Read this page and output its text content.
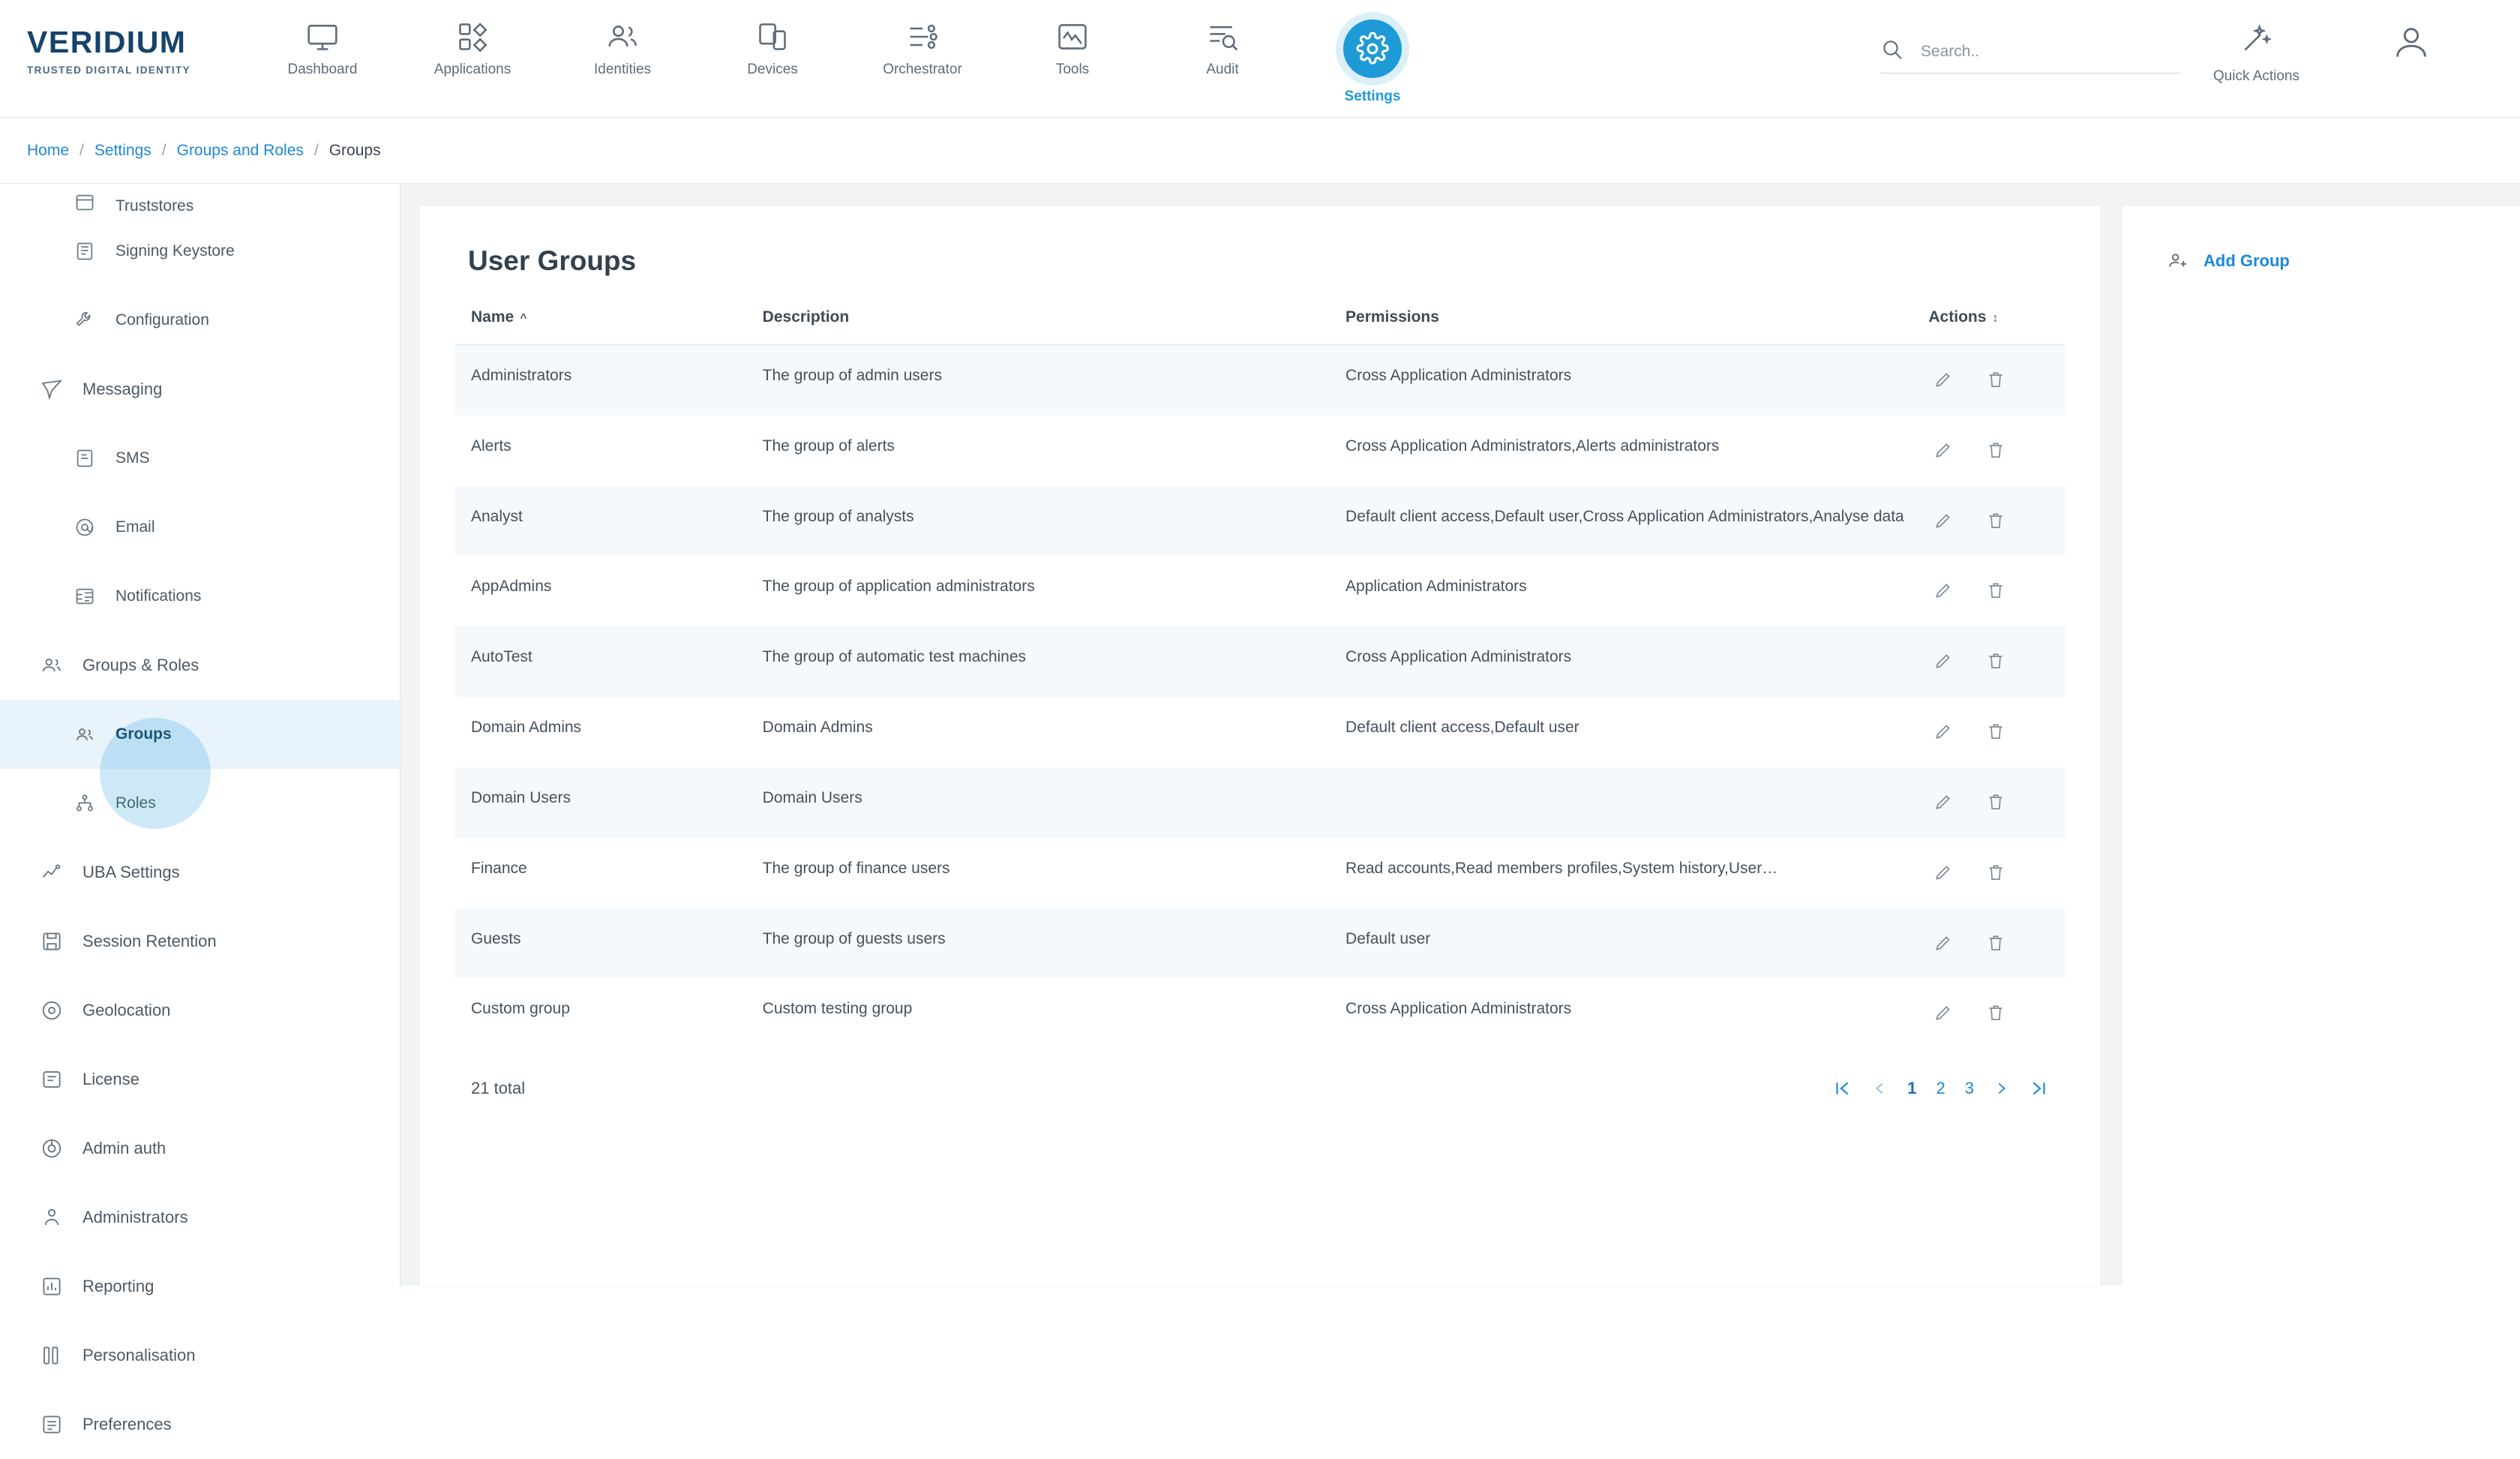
VERIDIUM
TRUSTED DIGITAL IDENTITY	Dashboard	Applications	Identities	Devices	Orchestrator	Tools	Audit
Settings
Search..
Quick Actions
Home / Settings / Groups and Roles / Groups
Truststores
Signing Keystore
Configuration
Messaging
SMS
Email
Notifications
Groups & Roles
Groups
Roles
UBA Settings
Session Retention
Geolocation
License
Admin auth
Administrators
Reporting
Personalisation
Preferences
User Groups
Name ^	Description	Permissions	Actions ↕
Administrators	The group of admin users	Cross Application Administrators	

Alerts	The group of alerts	Cross Application Administrators,Alerts administrators	

Analyst	The group of analysts	Default client access,Default user,Cross Application Administrators,Analyse data	

AppAdmins	The group of application administrators	Application Administrators	

AutoTest	The group of automatic test machines	Cross Application Administrators	

Domain Admins	Domain Admins	Default client access,Default user	

Domain Users	Domain Users		

Finance	The group of finance users	Read accounts,Read members profiles,System history,User…	

Guests	The group of guests users	Default user	

Custom group	Custom testing group	Cross Application Administrators	

21 total	1 2 3
Add Group
